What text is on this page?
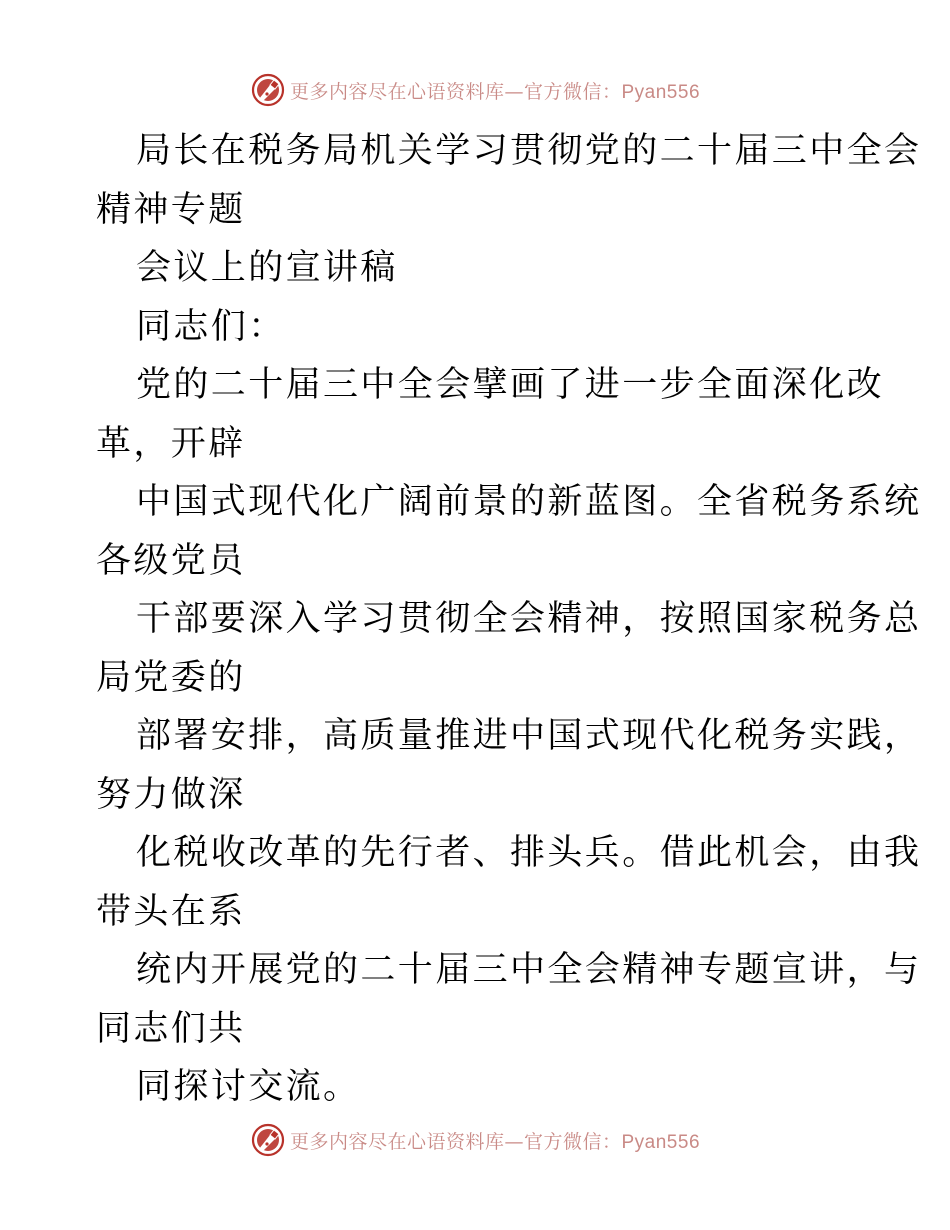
更多内容尽在心语资料库—官方微信：Pyan556
局长在税务局机关学习贯彻党的二十届三中全会
精神专题
会议上的宣讲稿
同志们：
党的二十届三中全会擘画了进一步全面深化改
革，开辟
中国式现代化广阔前景的新蓝图。全省税务系统
各级党员
干部要深入学习贯彻全会精神，按照国家税务总
局党委的
部署安排，高质量推进中国式现代化税务实践，
努力做深
化税收改革的先行者、排头兵。借此机会，由我
带头在系
统内开展党的二十届三中全会精神专题宣讲，与
同志们共
同探讨交流。
更多内容尽在心语资料库—官方微信：Pyan556
